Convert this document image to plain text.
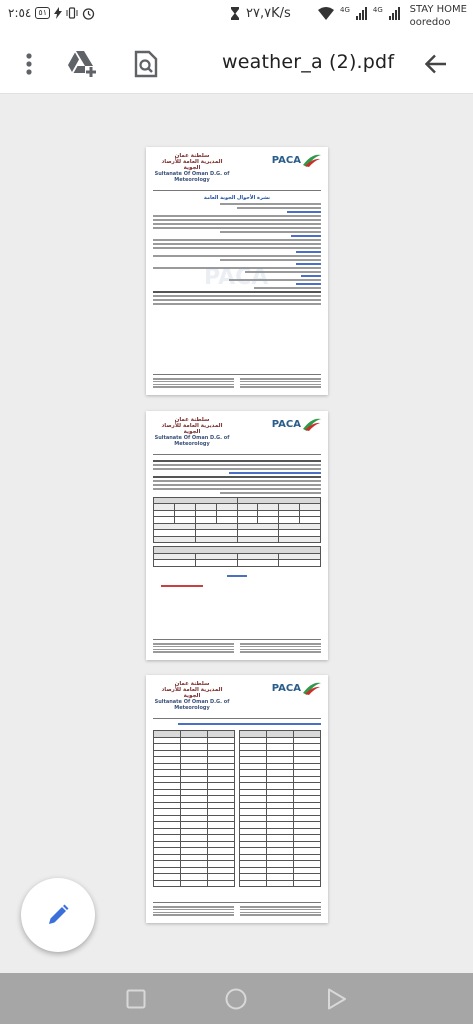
٢:٥٤ ٥١	٢٧,٧K/s	4G	4G	STAY HOME
ooredoo
weather_a (2).pdf
سلطنة عمان
المديرية العامة للأرصاد الجوية
Sultanate Of Oman D.G. of
Meteorology
PACA
نشرة الأحوال الجوية العامة
PACA
سلطنة عمان
المديرية العامة للأرصاد الجوية
Sultanate Of Oman D.G. of
Meteorology
PACA

سلطنة عمان
المديرية العامة للأرصاد الجوية
Sultanate Of Oman D.G. of
Meteorology
PACA
